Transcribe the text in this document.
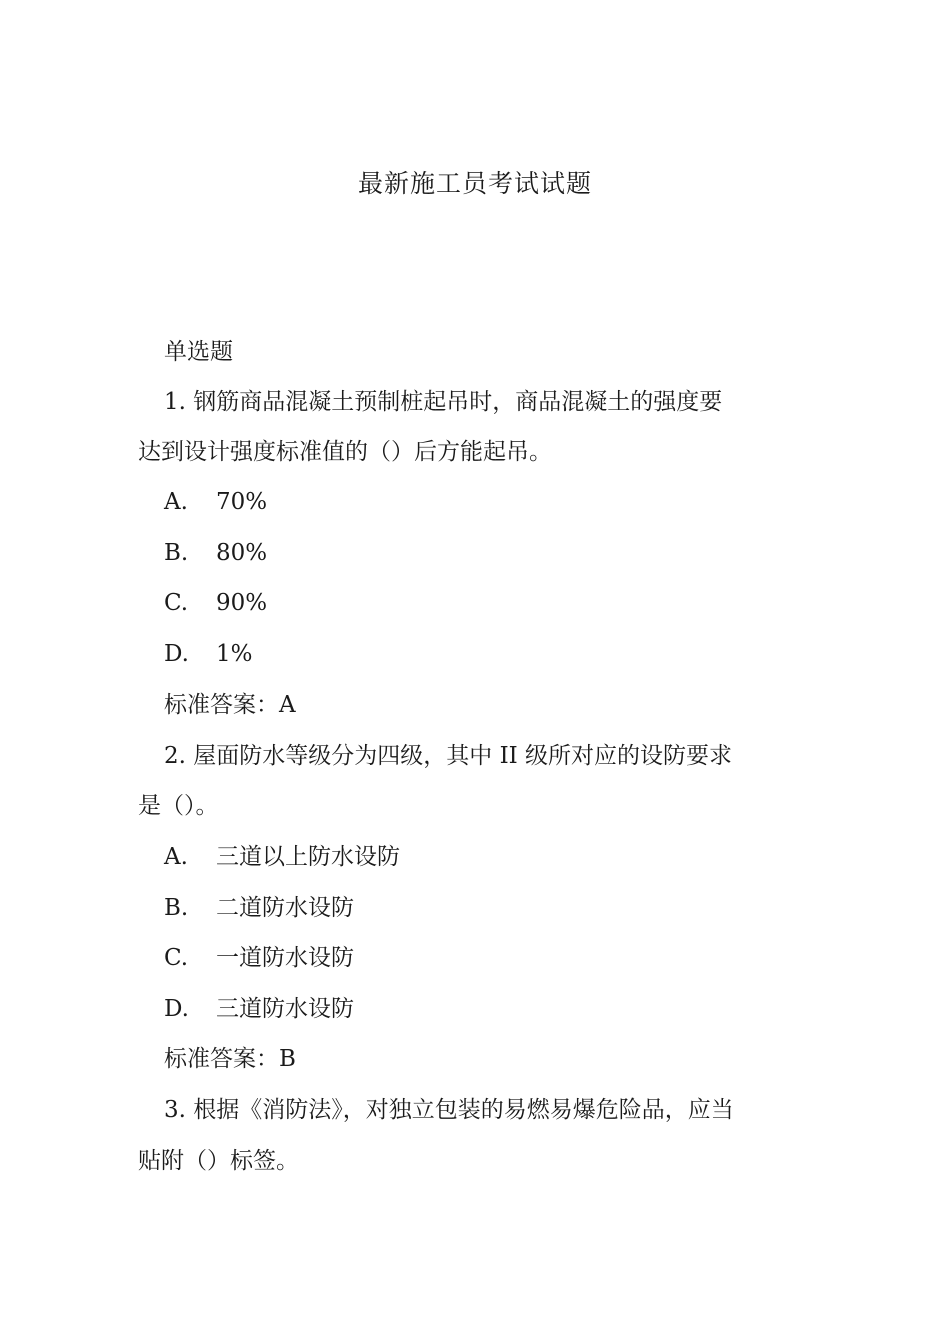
最新施工员考试试题
单选题
1. 钢筋商品混凝土预制桩起吊时，商品混凝土的强度要
达到设计强度标准值的（）后方能起吊。
A. 70%
B. 80%
C. 90%
D. 1%
标准答案：A
2. 屋面防水等级分为四级，其中 II 级所对应的设防要求
是（）。
A. 三道以上防水设防
B. 二道防水设防
C. 一道防水设防
D. 三道防水设防
标准答案：B
3. 根据《消防法》，对独立包装的易燃易爆危险品，应当
贴附（）标签。
